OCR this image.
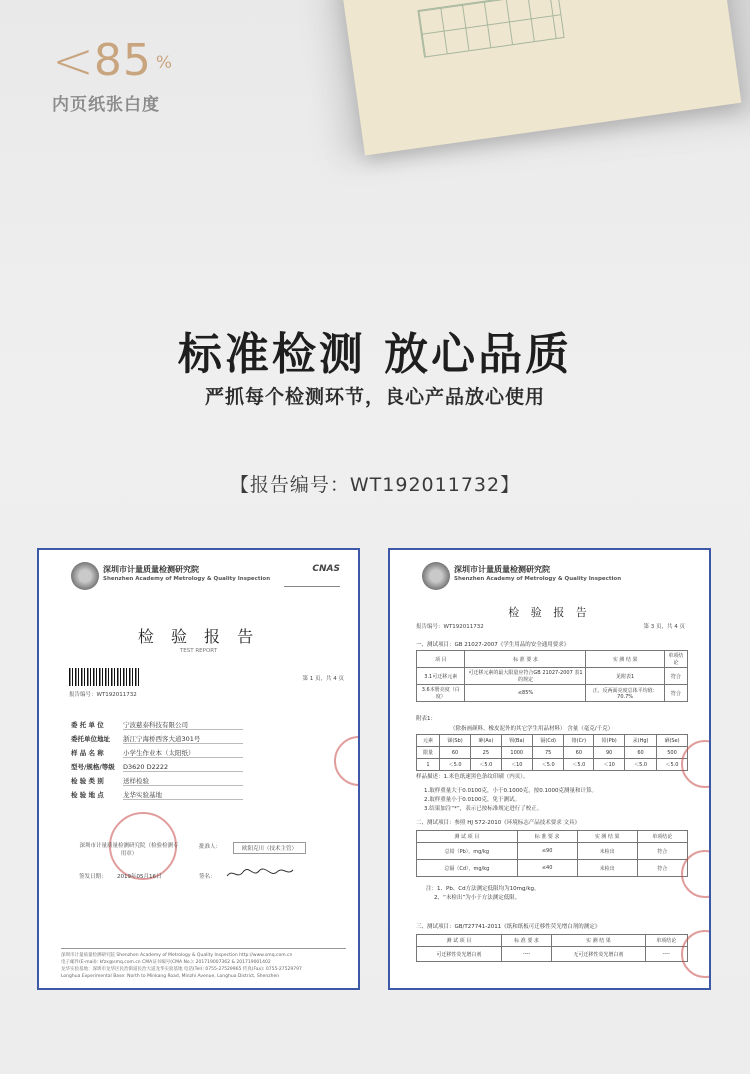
<85 %
内页纸张白度
标准检测 放心品质
严抓每个检测环节，良心产品放心使用
【报告编号：WT192011732】
深圳市计量质量检测研究院
Shenzhen Academy of Metrology & Quality Inspection
CNAS
检 验 报 告
TEST REPORT
报告编号：WT192011732
第 1 页，共 4 页
委 托 单 位	宁波慈泰科技有限公司
委托单位地址 浙江宁海桥西客大道301号
样 品 名 称	小学生作业本（太阳纸）
型号/规格/等级 D3620 D2222
检 验 类 别	送样检验
检 验 地 点	龙华实验基地
深圳市计量质量检测研究院（检验检测专用章）
批准人：	欧阳克川（技术主管）
签发日期： 2019年05月16日	签名：
深圳市计量质量检测研究院 Shenzhen Academy of Metrology & Quality Inspection http://www.smq.com.cn
电子邮件(E-mail): kfzx@smq.com.cn CMA证书编号(CMA No.): 201719007362 & 201719001402
龙华实验基地：深圳市龙华区民治街道民治大道龙华实验基地 电话(Tel): 0755-27529965 传真(Fax): 0755-27529797
Longhua Experimental Base: North to Minkang Road, Minzhi Avenue, Longhua District, Shenzhen
深圳市计量质量检测研究院
Shenzhen Academy of Metrology & Quality Inspection
检 验 报 告
报告编号：WT192011732	第 3 页，共 4 页
一、测试项目：GB 21027-2007《学生用品的安全通用要求》
项 目	标 准 要 求	实 测 结 果	单项结论
3.1可迁移元素	可迁移元素的最大限量应符合GB 21027-2007 表1的规定	见附表1	符合
3.6本册亮度（白度）	≤85%	正、反两面亮度总体平均值：70.7%	符合
附表1：
（除指画颜料、橡皮泥外的其它学生用品材料） 含量（毫克/千克）
元素	锑(Sb)	砷(As)	钡(Ba)	镉(Cd)	铬(Cr)	铅(Pb)	汞(Hg)	硒(Se)
限量	60	25	1000	75	60	90	60	500
1	＜5.0	＜5.0	＜10	＜5.0	＜5.0	＜10	＜5.0	＜5.0
样品描述：1.米色纸速黑色条纹印刷（内页）。
1.取样重量大于0.0100克，小于0.1000克，按0.1000克测量和计算。
2.取样重量小于0.0100克，免于测试。
3.结果加注“*”，表示已按标准规定进行了校正。
二、测试项目：参照 HJ 572-2010《环境标志产品技术要求 文具》
测 试 项 目	标 准 要 求	实 测 结 果	单项结论
总铅（Pb），mg/kg	≤90	未检出	符合
总镉（Cd），mg/kg	≤40	未检出	符合
注：1、Pb、Cd方法测定低限均为10mg/kg。
2、“未检出”为小于方法测定低限。
三、测试项目：GB/T27741-2011《纸和纸板可迁移性荧光增白剂的测定》
测 试 项 目	标 准 要 求	实 测 结 果	单项结论
可迁移性荧光增白剂	----	无可迁移性荧光增白剂	----
